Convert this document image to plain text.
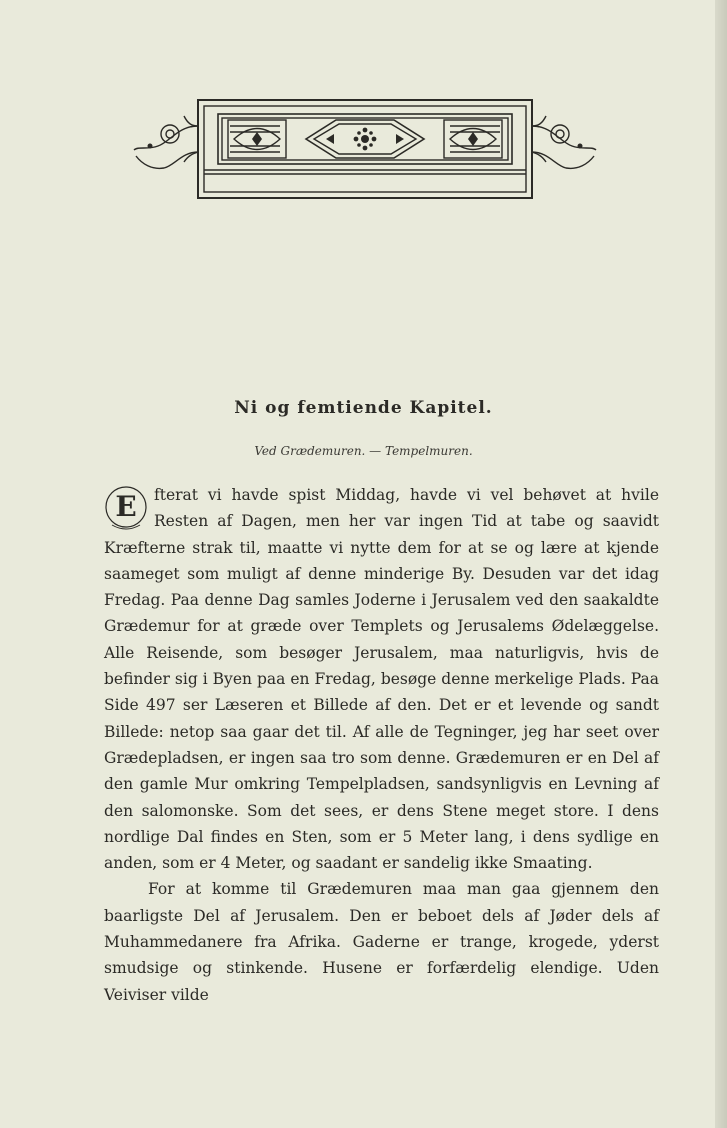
Ni og femtiende Kapitel.
Ved Grædemuren. — Tempelmuren.

E fterat vi havde spist Middag, havde vi vel behøvet at hvile Resten af Dagen, men her var ingen Tid at tabe og saavidt Kræfterne strak til, maatte vi nytte dem for at se og lære at kjende saameget som muligt af denne minderige By. Desuden var det idag Fredag. Paa denne Dag samles Joderne i Jerusalem ved den saakaldte Grædemur for at græde over Templets og Jerusalems Ødelæggelse. Alle Reisende, som besøger Jerusalem, maa naturligvis, hvis de befinder sig i Byen paa en Fredag, besøge denne merkelige Plads. Paa Side 497 ser Læseren et Billede af den. Det er et levende og sandt Billede: netop saa gaar det til. Af alle de Tegninger, jeg har seet over Grædepladsen, er ingen saa tro som denne. Grædemuren er en Del af den gamle Mur omkring Tempelpladsen, sandsynligvis en Levning af den salomonske. Som det sees, er dens Stene meget store. I dens nordlige Dal findes en Sten, som er 5 Meter lang, i dens sydlige en anden, som er 4 Meter, og saadant er sandelig ikke Smaating.

For at komme til Grædemuren maa man gaa gjennem den baarligste Del af Jerusalem. Den er beboet dels af Jøder dels af Muhammedanere fra Afrika. Gaderne er trange, krogede, yderst smudsige og stinkende. Husene er forfærdelig elendige. Uden Veiviser vilde
